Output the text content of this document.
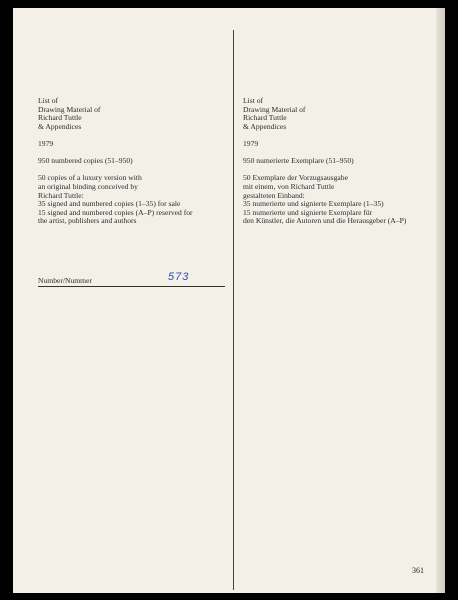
List of
Drawing Material of
Richard Tuttle
& Appendices
1979
950 numbered copies (51–950)
50 copies of a luxury version with
an original binding conceived by
Richard Tuttle:
35 signed and numbered copies (1–35) for sale
15 signed and numbered copies (A–P) reserved for
the artist, publishers and authors
Number/Nummer	573
List of
Drawing Material of
Richard Tuttle
& Appendices
1979
950 numerierte Exemplare (51–950)
50 Exemplare der Vorzugsausgabe
mit einem, von Richard Tuttle
gestalteten Einband:
35 numerierte und signierte Exemplare (1–35)
15 numerierte und signierte Exemplare für
den Künstler, die Autoren und die Herausgeber (A–P)
361
